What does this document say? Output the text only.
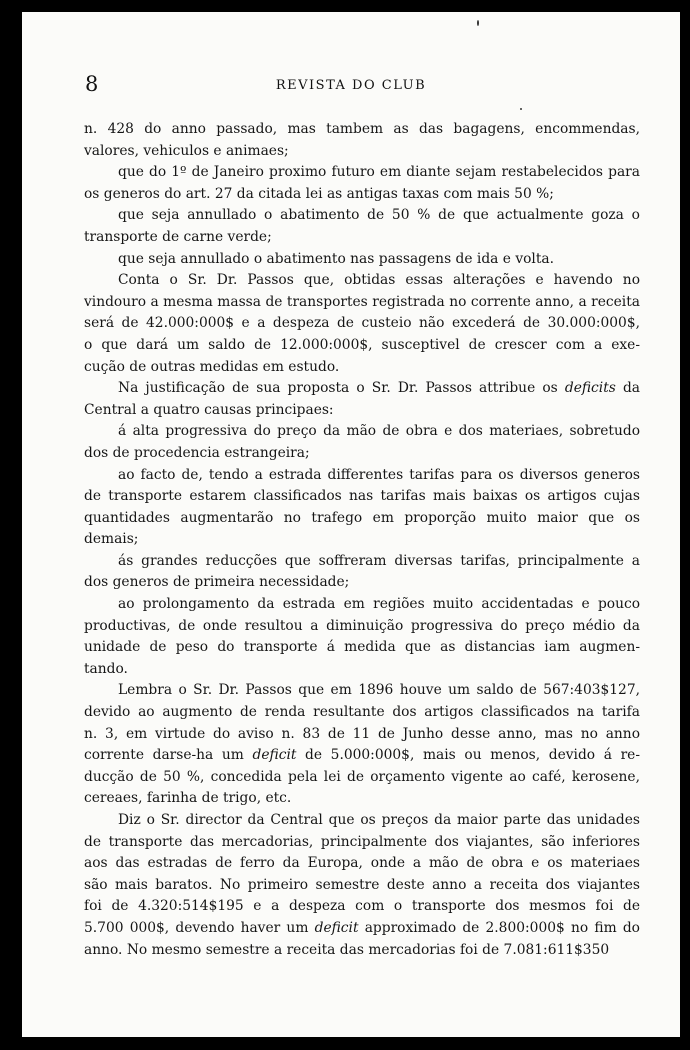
8	REVISTA DO CLUB

n. 428 do anno passado, mas tambem as das bagagens, encommendas,

valores, vehiculos e animaes;

que do 1º de Janeiro proximo futuro em diante sejam restabelecidos para

os generos do art. 27 da citada lei as antigas taxas com mais 50 %;

que seja annullado o abatimento de 50 % de que actualmente goza o

transporte de carne verde;

que seja annullado o abatimento nas passagens de ida e volta.

Conta o Sr. Dr. Passos que, obtidas essas alterações e havendo no

vindouro a mesma massa de transportes registrada no corrente anno, a receita

será de 42.000:000$ e a despeza de custeio não excederá de 30.000:000$,

o que dará um saldo de 12.000:000$, susceptivel de crescer com a exe-

cução de outras medidas em estudo.

Na justificação de sua proposta o Sr. Dr. Passos attribue os deficits da

Central a quatro causas principaes:

á alta progressiva do preço da mão de obra e dos materiaes, sobretudo

dos de procedencia estrangeira;

ao facto de, tendo a estrada differentes tarifas para os diversos generos

de transporte estarem classificados nas tarifas mais baixas os artigos cujas

quantidades augmentarão no trafego em proporção muito maior que os

demais;

ás grandes reducções que soffreram diversas tarifas, principalmente a

dos generos de primeira necessidade;

ao prolongamento da estrada em regiões muito accidentadas e pouco

productivas, de onde resultou a diminuição progressiva do preço médio da

unidade de peso do transporte á medida que as distancias iam augmen-

tando.

Lembra o Sr. Dr. Passos que em 1896 houve um saldo de 567:403$127,

devido ao augmento de renda resultante dos artigos classificados na tarifa

n. 3, em virtude do aviso n. 83 de 11 de Junho desse anno, mas no anno

corrente darse-ha um deficit de 5.000:000$, mais ou menos, devido á re-

ducção de 50 %, concedida pela lei de orçamento vigente ao café, kerosene,

cereaes, farinha de trigo, etc.

Diz o Sr. director da Central que os preços da maior parte das unidades

de transporte das mercadorias, principalmente dos viajantes, são inferiores

aos das estradas de ferro da Europa, onde a mão de obra e os materiaes

são mais baratos. No primeiro semestre deste anno a receita dos viajantes

foi de 4.320:514$195 e a despeza com o transporte dos mesmos foi de

5.700 000$, devendo haver um deficit approximado de 2.800:000$ no fim do

anno. No mesmo semestre a receita das mercadorias foi de 7.081:611$350
